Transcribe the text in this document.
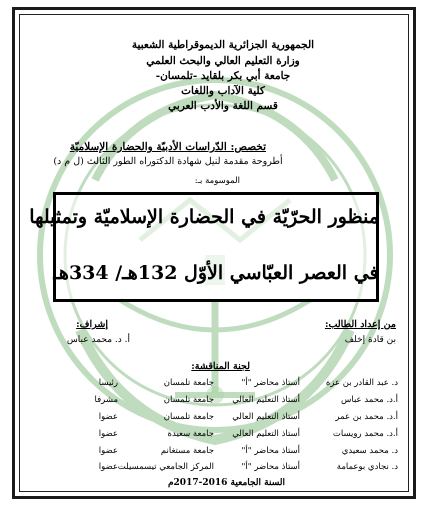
الجمهورية الجزائرية الديموقراطية الشعبية
وزارة التعليم العالي والبحث العلمي
جامعة أبي بكر بلقايد -تلمسان-
كلية الآداب واللغات
قسم اللغة والأدب العربي
تخصص: الدّراسات الأدبيّة والحضارة الإسلاميّة
أطروحة مقدمة لنيل شهادة الدكتوراه الطور الثالث (ل م د)
الموسومة بـ:
منظور الحرّيّة في الحضارة الإسلاميّة وتمثيلها
في العصر العبّاسي الأوّل 132هـ/ 334هـ
من إعداد الطالب:
بن قادة إخلف
إشراف:
أ. د. محمد عباس
لجنة المناقشة:
د. عبد القادر بن عزة
أستاذ محاضر "أ"
جامعة تلمسان
رئيسا
أ.د. محمد عباس
أستاذ التعليم العالي
جامعة تلمسان
مشرفا
أ.د. محمد بن عمر
أستاذ التعليم العالي
جامعة تلمسان
عضوا
أ.د. محمد رويسات
أستاذ التعليم العالي
جامعة سعيدة
عضوا
د. محمد سعيدي
أستاذ محاضر "أ"
جامعة مستغانم
عضوا
د. نجادي بوعمامة
أستاذ محاضر "أ"
المركز الجامعي تيسمسيلت
عضوا
السنة الجامعية 2016-2017م
